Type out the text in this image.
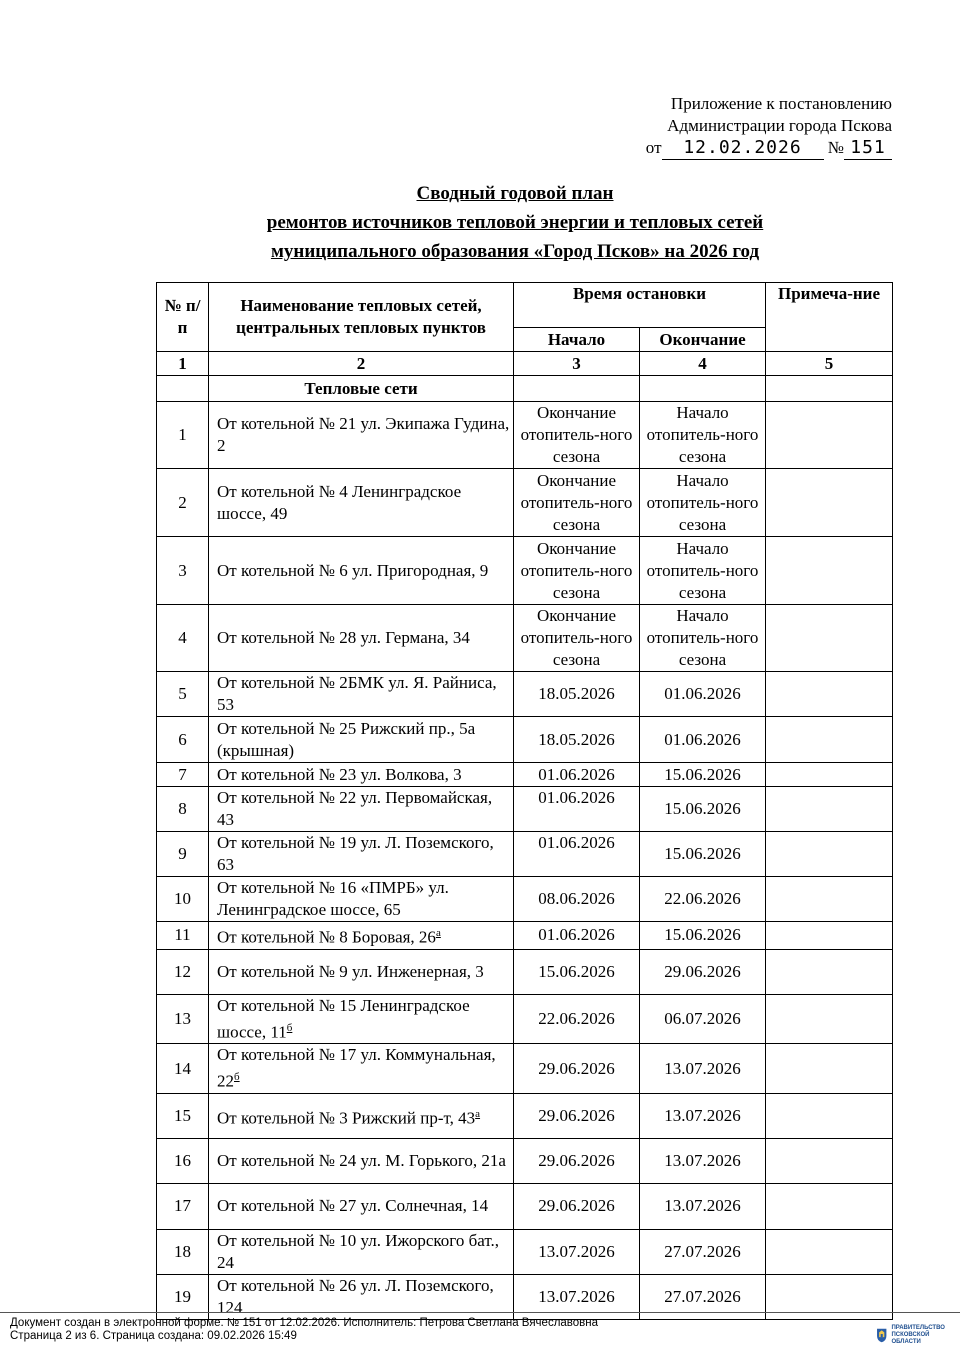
Приложение к постановлению
Администрации города Пскова
от 12.02.2026 № 151
Сводный годовой план
ремонтов источников тепловой энергии и тепловых сетей
муниципального образования «Город Псков» на 2026 год
№ п/п	Наименование тепловых сетей, центральных тепловых пунктов	Время остановки		Примеча-ние
		Начало	Окончание	
1	2	3	4	5
	Тепловые сети			
1	От котельной № 21 ул. Экипажа Гудина, 2	Окончание отопитель-ного сезона	Начало отопитель-ного сезона	
2	От котельной № 4 Ленинградское шоссе, 49	Окончание отопитель-ного сезона	Начало отопитель-ного сезона	
3	От котельной № 6 ул. Пригородная, 9	Окончание отопитель-ного сезона	Начало отопитель-ного сезона	
4	От котельной № 28 ул. Германа, 34	Окончание отопитель-ного сезона	Начало отопитель-ного сезона	
5	От котельной № 2БМК ул. Я. Райниса, 53	18.05.2026	01.06.2026	
6	От котельной № 25 Рижский пр., 5а (крышная)	18.05.2026	01.06.2026	
7	От котельной № 23 ул. Волкова, 3	01.06.2026	15.06.2026	
8	От котельной № 22 ул. Первомайская, 43	01.06.2026	15.06.2026	
9	От котельной № 19 ул. Л. Поземского, 63	01.06.2026	15.06.2026	
10	От котельной № 16 «ПМРБ» ул. Ленинградское шоссе, 65	08.06.2026	22.06.2026	
11	От котельной № 8 Боровая, $26^а$	01.06.2026	15.06.2026	
12	От котельной № 9 ул. Инженерная, 3	15.06.2026	29.06.2026	
13	От котельной № 15 Ленинградское шоссе, $11^б$	22.06.2026	06.07.2026	
14	От котельной № 17 ул. Коммунальная, $22^б$	29.06.2026	13.07.2026	
15	От котельной № 3 Рижский пр-т, $43^а$	29.06.2026	13.07.2026	
16	От котельной № 24 ул. М. Горького, 21а	29.06.2026	13.07.2026	
17	От котельной № 27 ул. Солнечная, 14	29.06.2026	13.07.2026	
18	От котельной № 10 ул. Ижорского бат., 24	13.07.2026	27.07.2026	
19	От котельной № 26 ул. Л. Поземского, 124	13.07.2026	27.07.2026	
Документ создан в электронной форме. № 151 от 12.02.2026. Исполнитель: Петрова Светлана Вячеславовна
Страница 2 из 6. Страница создана: 09.02.2026 15:49
ПРАВИТЕЛЬСТВО ПСКОВСКОЙ ОБЛАСТИ
